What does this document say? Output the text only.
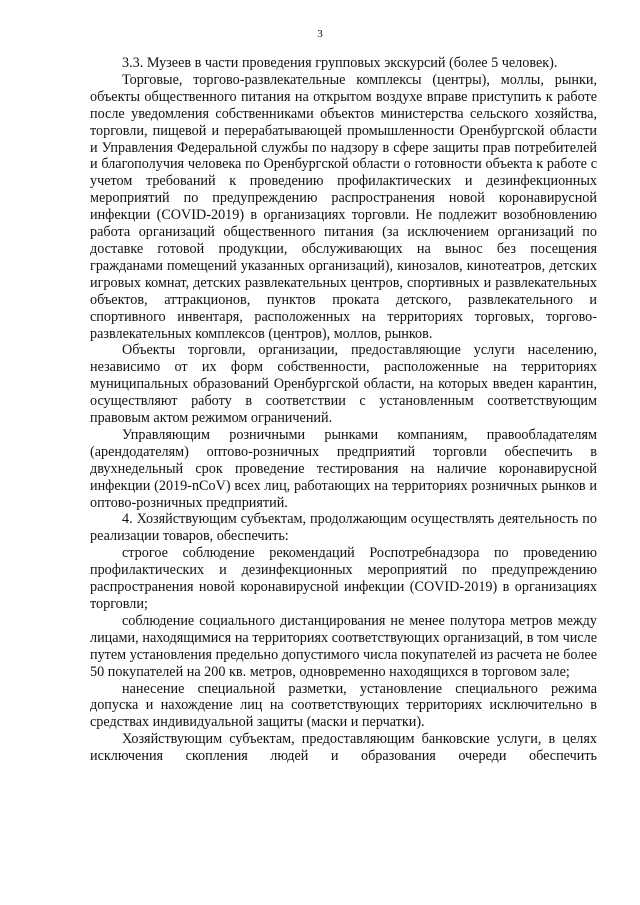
3

3.3. Музеев в части проведения групповых экскурсий (более 5 человек).

Торговые, торгово-развлекательные комплексы (центры), моллы, рынки, объекты общественного питания на открытом воздухе вправе приступить к работе после уведомления собственниками объектов министерства сельского хозяйства, торговли, пищевой и перерабатывающей промышленности Оренбургской области и Управления Федеральной службы по надзору в сфере защиты прав потребителей и благополучия человека по Оренбургской области о готовности объекта к работе с учетом требований к проведению профилактических и дезинфекционных мероприятий по предупреждению распространения новой коронавирусной инфекции (COVID-2019) в организациях торговли. Не подлежит возобновлению работа организаций общественного питания (за исключением организаций по доставке готовой продукции, обслуживающих на вынос без посещения гражданами помещений указанных организаций), кинозалов, кинотеатров, детских игровых комнат, детских развлекательных центров, спортивных и развлекательных объектов, аттракционов, пунктов проката детского, развлекательного и спортивного инвентаря, расположенных на территориях торговых, торгово-развлекательных комплексов (центров), моллов, рынков.

Объекты торговли, организации, предоставляющие услуги населению, независимо от их форм собственности, расположенные на территориях муниципальных образований Оренбургской области, на которых введен карантин, осуществляют работу в соответствии с установленным соответствующим правовым актом режимом ограничений.

Управляющим розничными рынками компаниям, правообладателям (арендодателям) оптово-розничных предприятий торговли обеспечить в двухнедельный срок проведение тестирования на наличие коронавирусной инфекции (2019-nCoV) всех лиц, работающих на территориях розничных рынков и оптово-розничных предприятий.

4. Хозяйствующим субъектам, продолжающим осуществлять деятельность по реализации товаров, обеспечить:

строгое соблюдение рекомендаций Роспотребнадзора по проведению профилактических и дезинфекционных мероприятий по предупреждению распространения новой коронавирусной инфекции (COVID-2019) в организациях торговли;

соблюдение социального дистанцирования не менее полутора метров между лицами, находящимися на территориях соответствующих организаций, в том числе путем установления предельно допустимого числа покупателей из расчета не более 50 покупателей на 200 кв. метров, одновременно находящихся в торговом зале;

нанесение специальной разметки, установление специального режима допуска и нахождение лиц на соответствующих территориях исключительно в средствах индивидуальной защиты (маски и перчатки).

Хозяйствующим субъектам, предоставляющим банковские услуги, в целях исключения скопления людей и образования очереди обеспечить
